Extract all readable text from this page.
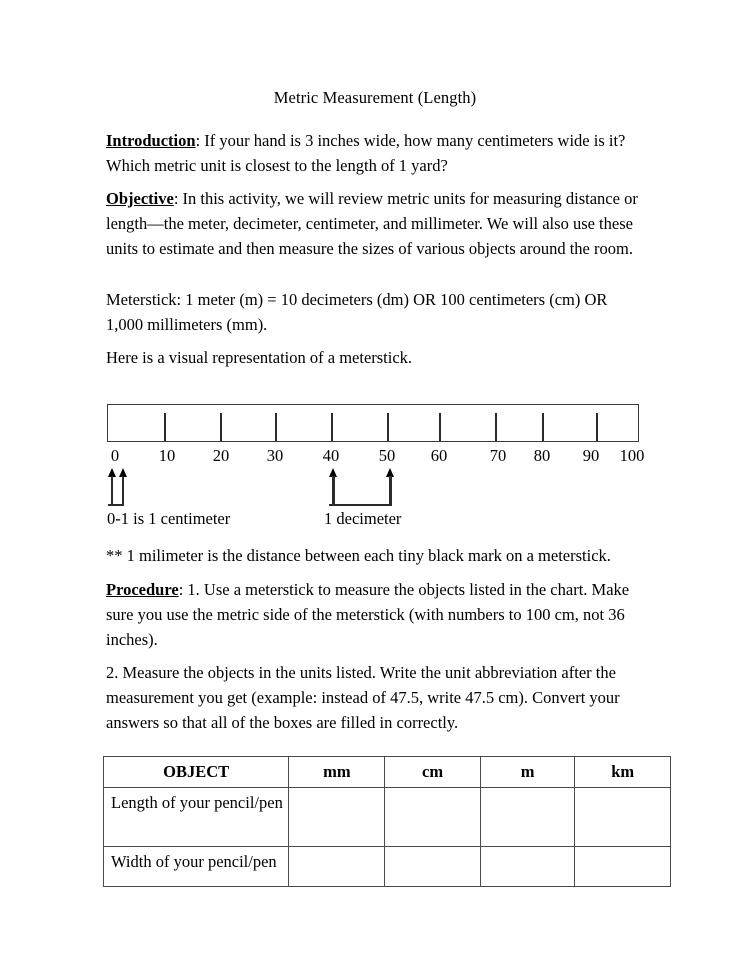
Metric Measurement (Length)
Introduction: If your hand is 3 inches wide, how many centimeters wide is it? Which metric unit is closest to the length of 1 yard?
Objective: In this activity, we will review metric units for measuring distance or length—the meter, decimeter, centimeter, and millimeter. We will also use these units to estimate and then measure the sizes of various objects around the room.
Meterstick: 1 meter (m) = 10 decimeters (dm) OR 100 centimeters (cm) OR 1,000 millimeters (mm).
Here is a visual representation of a meterstick.
0 10 20 30 40 50 60	70 80 90 100
0-1 is 1 centimeter	1 decimeter
** 1 milimeter is the distance between each tiny black mark on a meterstick.
Procedure: 1. Use a meterstick to measure the objects listed in the chart. Make sure you use the metric side of the meterstick (with numbers to 100 cm, not 36 inches).
2. Measure the objects in the units listed. Write the unit abbreviation after the measurement you get (example: instead of 47.5, write 47.5 cm). Convert your answers so that all of the boxes are filled in correctly.
OBJECT	mm	cm	m	km
Length of your pencil/pen				
Width of your pencil/pen				
